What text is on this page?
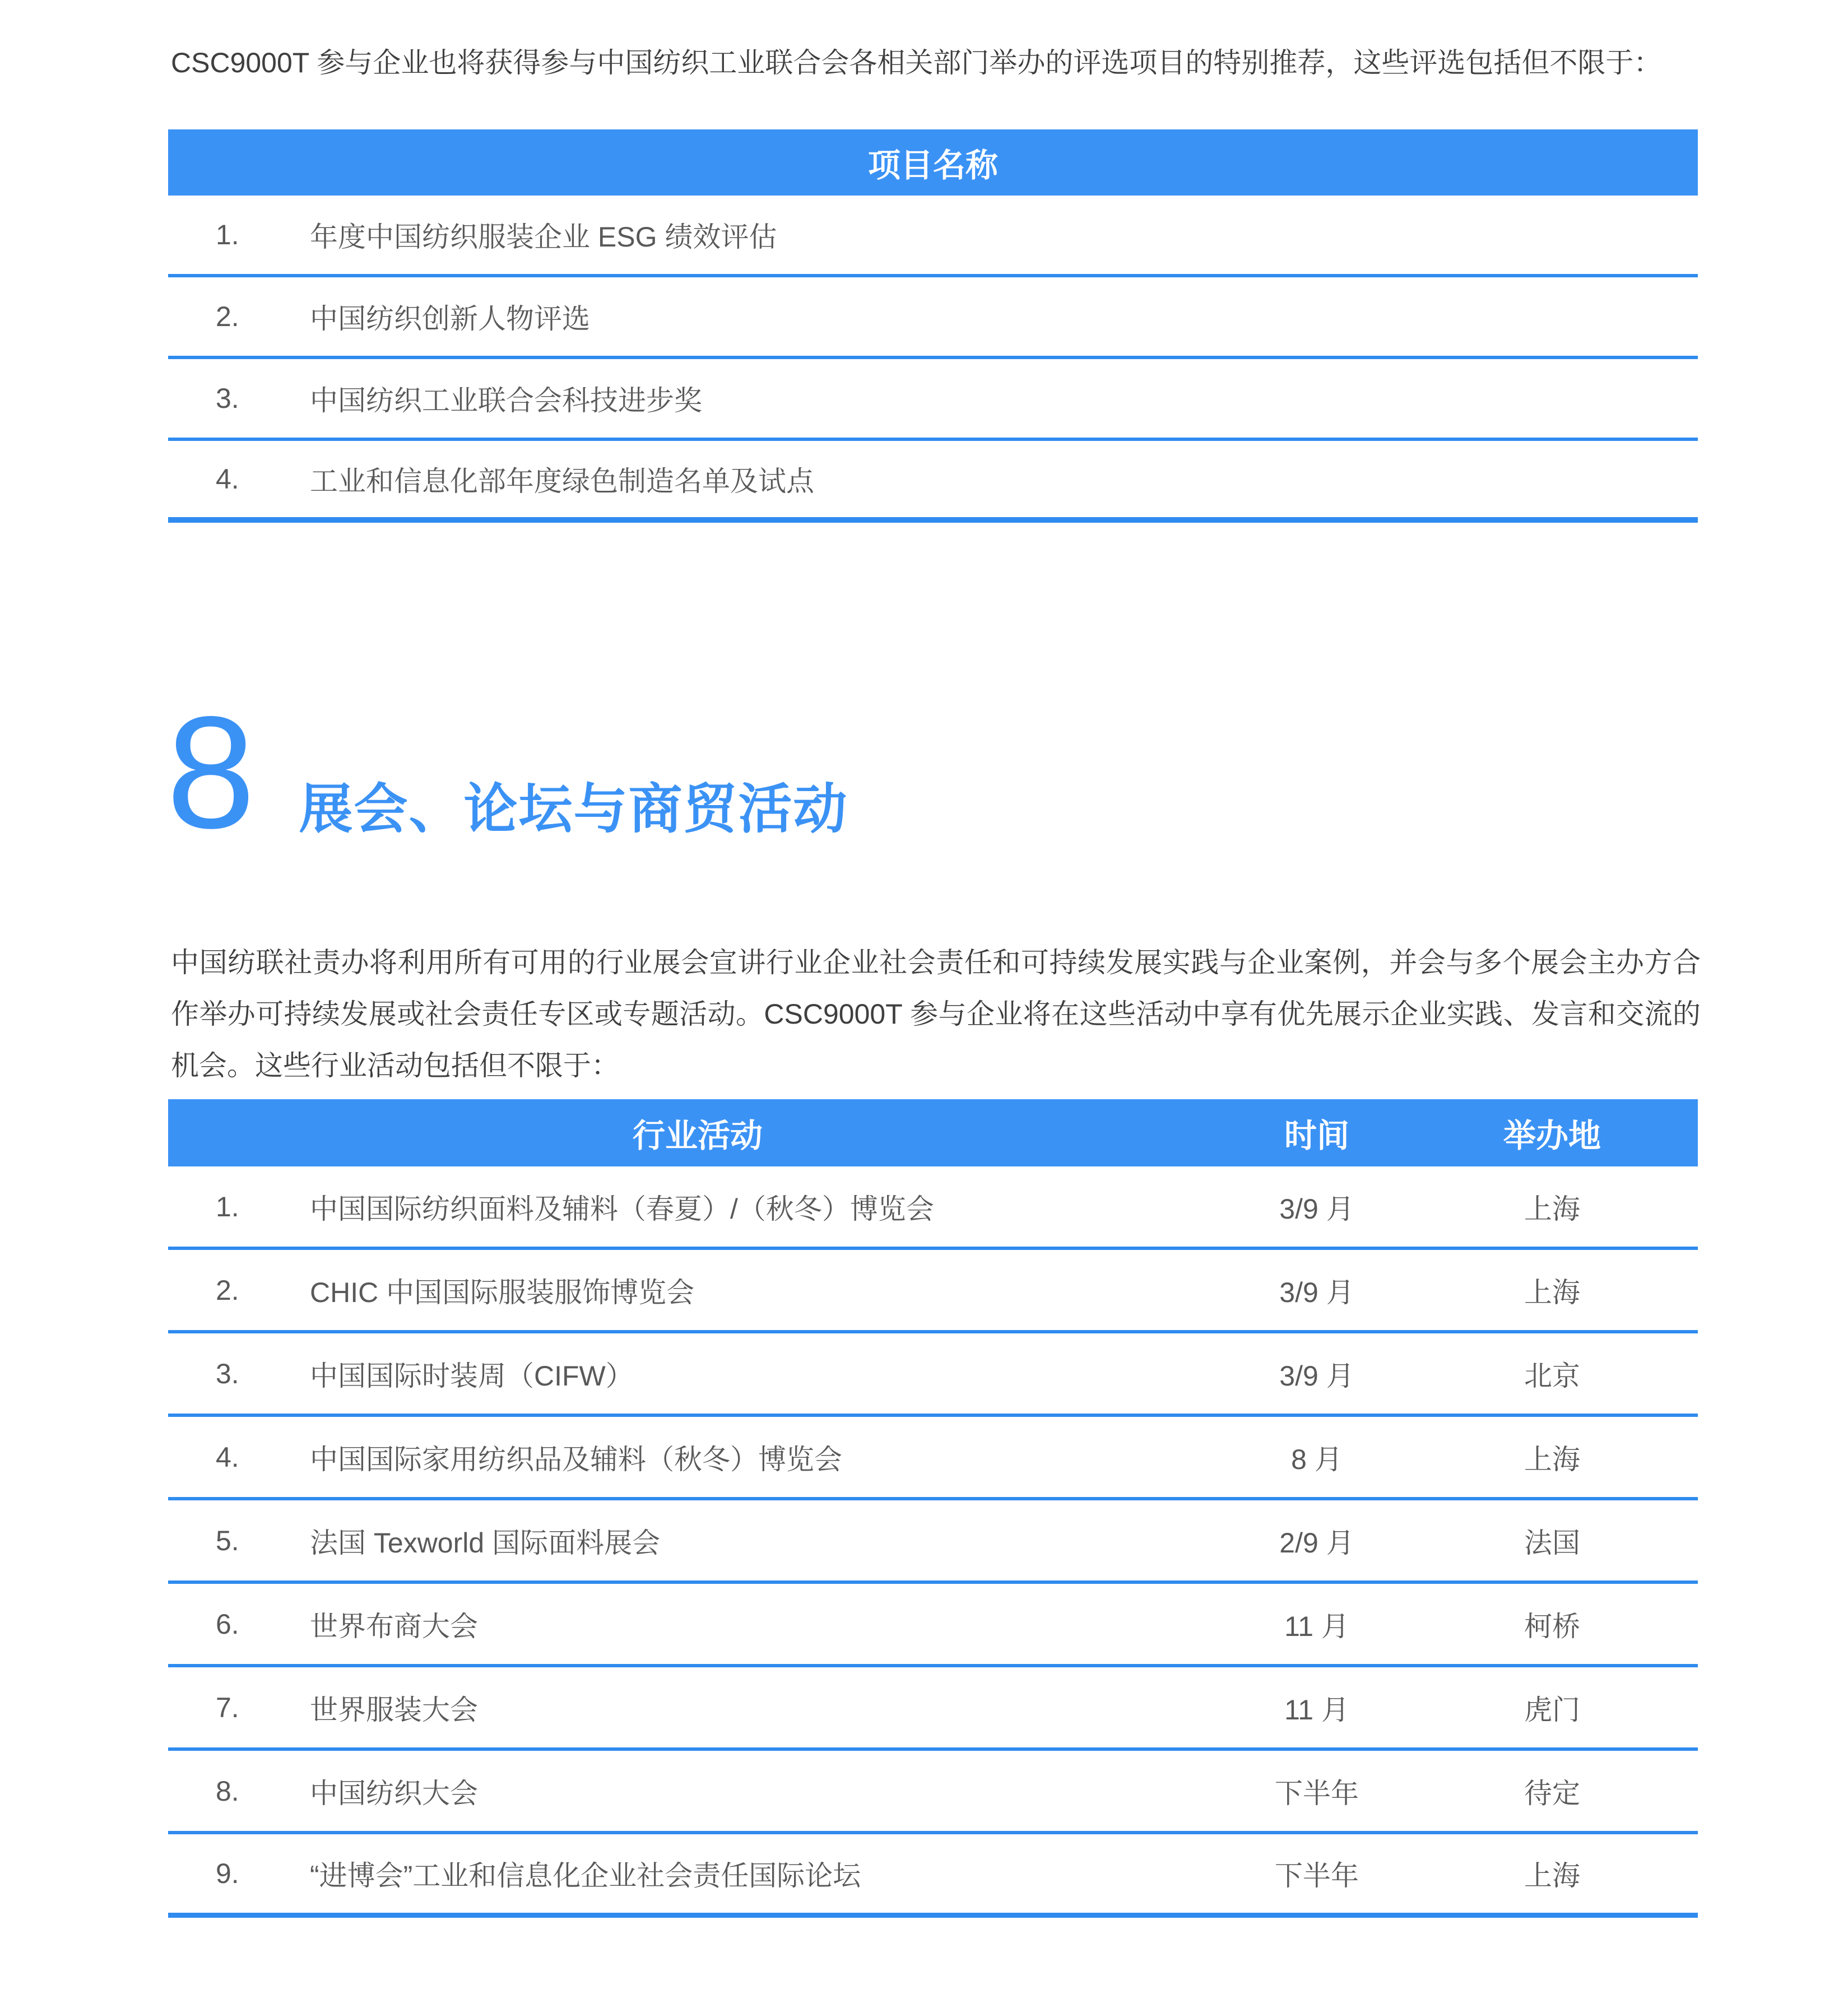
CSC9000T 参与企业也将获得参与中国纺织工业联合会各相关部门举办的评选项目的特别推荐，这些评选包括但不限于：

项目名称
1.	年度中国纺织服装企业 ESG 绩效评估
2.	中国纺织创新人物评选
3.	中国纺织工业联合会科技进步奖
4.	工业和信息化部年度绿色制造名单及试点
8 展会、论坛与商贸活动

中国纺联社责办将利用所有可用的行业展会宣讲行业企业社会责任和可持续发展实践与企业案例，并会与多个展会主办方合作举办可持续发展或社会责任专区或专题活动。CSC9000T 参与企业将在这些活动中享有优先展示企业实践、发言和交流的机会。这些行业活动包括但不限于：

行业活动	时间	举办地
1.	中国国际纺织面料及辅料（春夏）/（秋冬）博览会	3/9 月	上海
2.	CHIC 中国国际服装服饰博览会	3/9 月	上海
3.	中国国际时装周（CIFW）	3/9 月	北京
4.	中国国际家用纺织品及辅料（秋冬）博览会	8 月	上海
5.	法国 Texworld 国际面料展会	2/9 月	法国
6.	世界布商大会	11 月	柯桥
7.	世界服装大会	11 月	虎门
8.	中国纺织大会	下半年	待定
9.	“进博会”工业和信息化企业社会责任国际论坛	下半年	上海
